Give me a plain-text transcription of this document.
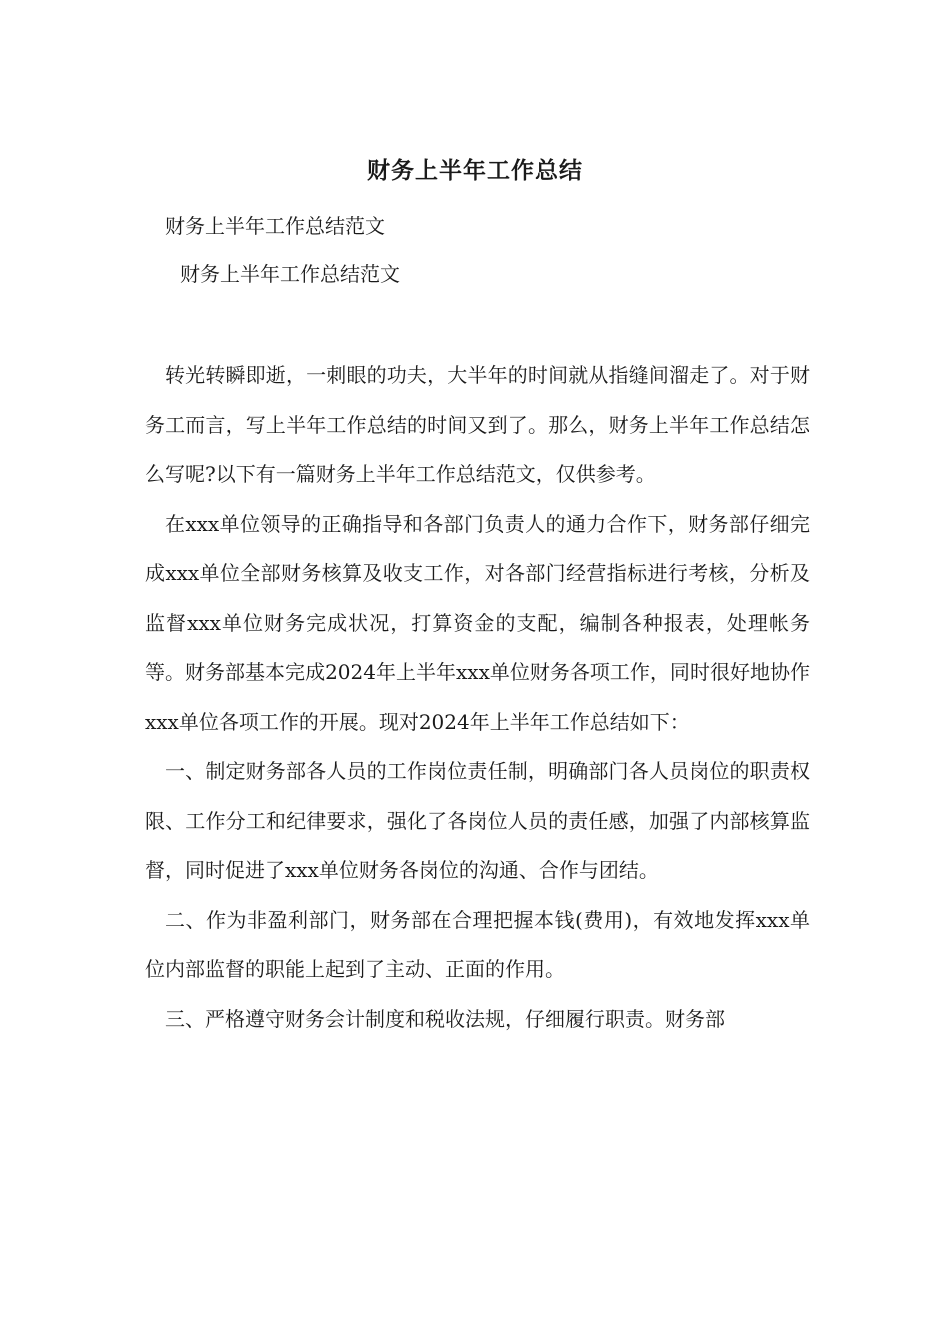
财务上半年工作总结
财务上半年工作总结范文
财务上半年工作总结范文

转光转瞬即逝，一刺眼的功夫，大半年的时间就从指缝间溜走了。对于财务工而言，写上半年工作总结的时间又到了。那么，财务上半年工作总结怎么写呢?以下有一篇财务上半年工作总结范文，仅供参考。

在xxx单位领导的正确指导和各部门负责人的通力合作下，财务部仔细完成xxx单位全部财务核算及收支工作，对各部门经营指标进行考核，分析及监督xxx单位财务完成状况，打算资金的支配，编制各种报表，处理帐务等。财务部基本完成2024年上半年xxx单位财务各项工作，同时很好地协作xxx单位各项工作的开展。现对2024年上半年工作总结如下：

一、制定财务部各人员的工作岗位责任制，明确部门各人员岗位的职责权限、工作分工和纪律要求，强化了各岗位人员的责任感，加强了内部核算监督，同时促进了xxx单位财务各岗位的沟通、合作与团结。

二、作为非盈利部门，财务部在合理把握本钱(费用)，有效地发挥xxx单位内部监督的职能上起到了主动、正面的作用。

三、严格遵守财务会计制度和税收法规，仔细履行职责。财务部
